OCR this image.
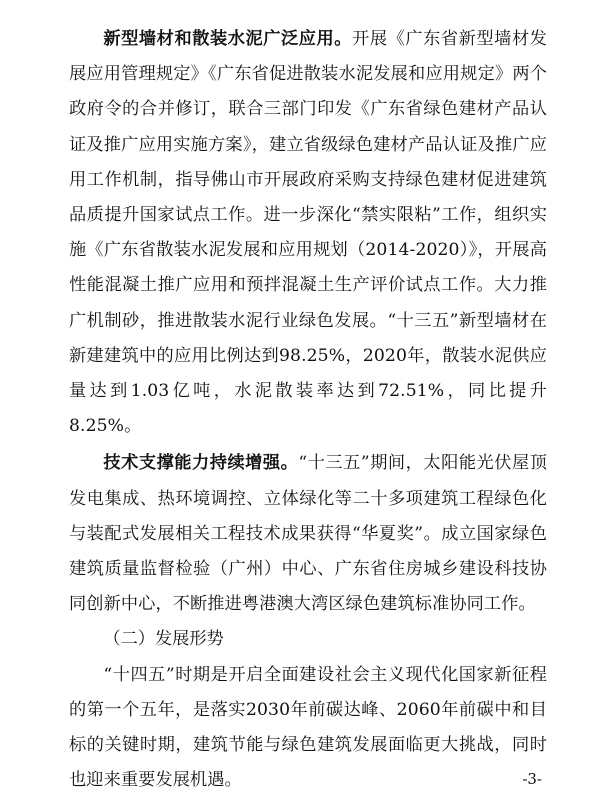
新型墙材和散装水泥广泛应用。开展《广东省新型墙材发展应用管理规定》《广东省促进散装水泥发展和应用规定》两个政府令的合并修订，联合三部门印发《广东省绿色建材产品认证及推广应用实施方案》，建立省级绿色建材产品认证及推广应用工作机制，指导佛山市开展政府采购支持绿色建材促进建筑品质提升国家试点工作。进一步深化“禁实限粘”工作，组织实施《广东省散装水泥发展和应用规划（2014-2020）》，开展高性能混凝土推广应用和预拌混凝土生产评价试点工作。大力推广机制砂，推进散装水泥行业绿色发展。“十三五”新型墙材在新建建筑中的应用比例达到98.25%，2020年，散装水泥供应量达到1.03亿吨，水泥散装率达到72.51%，同比提升8.25%。

技术支撑能力持续增强。“十三五”期间，太阳能光伏屋顶发电集成、热环境调控、立体绿化等二十多项建筑工程绿色化与装配式发展相关工程技术成果获得“华夏奖”。成立国家绿色建筑质量监督检验（广州）中心、广东省住房城乡建设科技协同创新中心，不断推进粤港澳大湾区绿色建筑标准协同工作。

（二）发展形势

“十四五”时期是开启全面建设社会主义现代化国家新征程的第一个五年，是落实2030年前碳达峰、2060年前碳中和目标的关键时期，建筑节能与绿色建筑发展面临更大挑战，同时也迎来重要发展机遇。	-3-
